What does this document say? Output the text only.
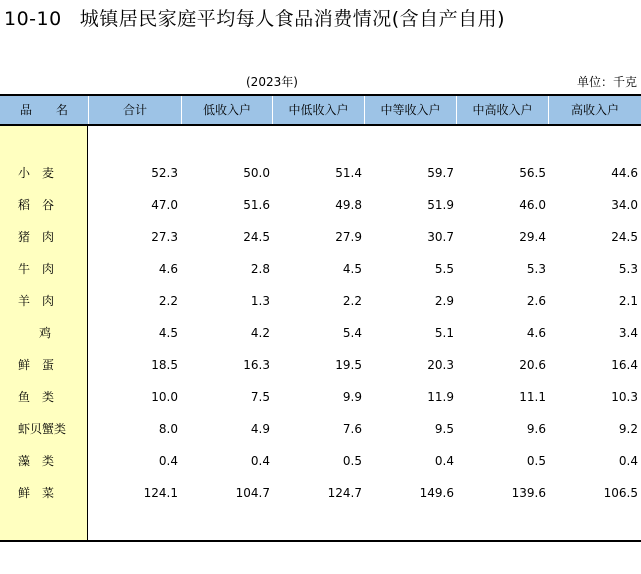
10-10 城镇居民家庭平均每人食品消费情况(含自产自用)
(2023年)	单位：千克
品　　名	合计	低收入户	中低收入户	中等收入户	中高收入户	高收入户
小　麦	52.3	50.0	51.4	59.7	56.5	44.6
稻　谷	47.0	51.6	49.8	51.9	46.0	34.0
猪　肉	27.3	24.5	27.9	30.7	29.4	24.5
牛　肉	4.6	2.8	4.5	5.5	5.3	5.3
羊　肉	2.2	1.3	2.2	2.9	2.6	2.1
鸡	4.5	4.2	5.4	5.1	4.6	3.4
鲜　蛋	18.5	16.3	19.5	20.3	20.6	16.4
鱼　类	10.0	7.5	9.9	11.9	11.1	10.3
虾贝蟹类	8.0	4.9	7.6	9.5	9.6	9.2
藻　类	0.4	0.4	0.5	0.4	0.5	0.4
鲜　菜	124.1	104.7	124.7	149.6	139.6	106.5
